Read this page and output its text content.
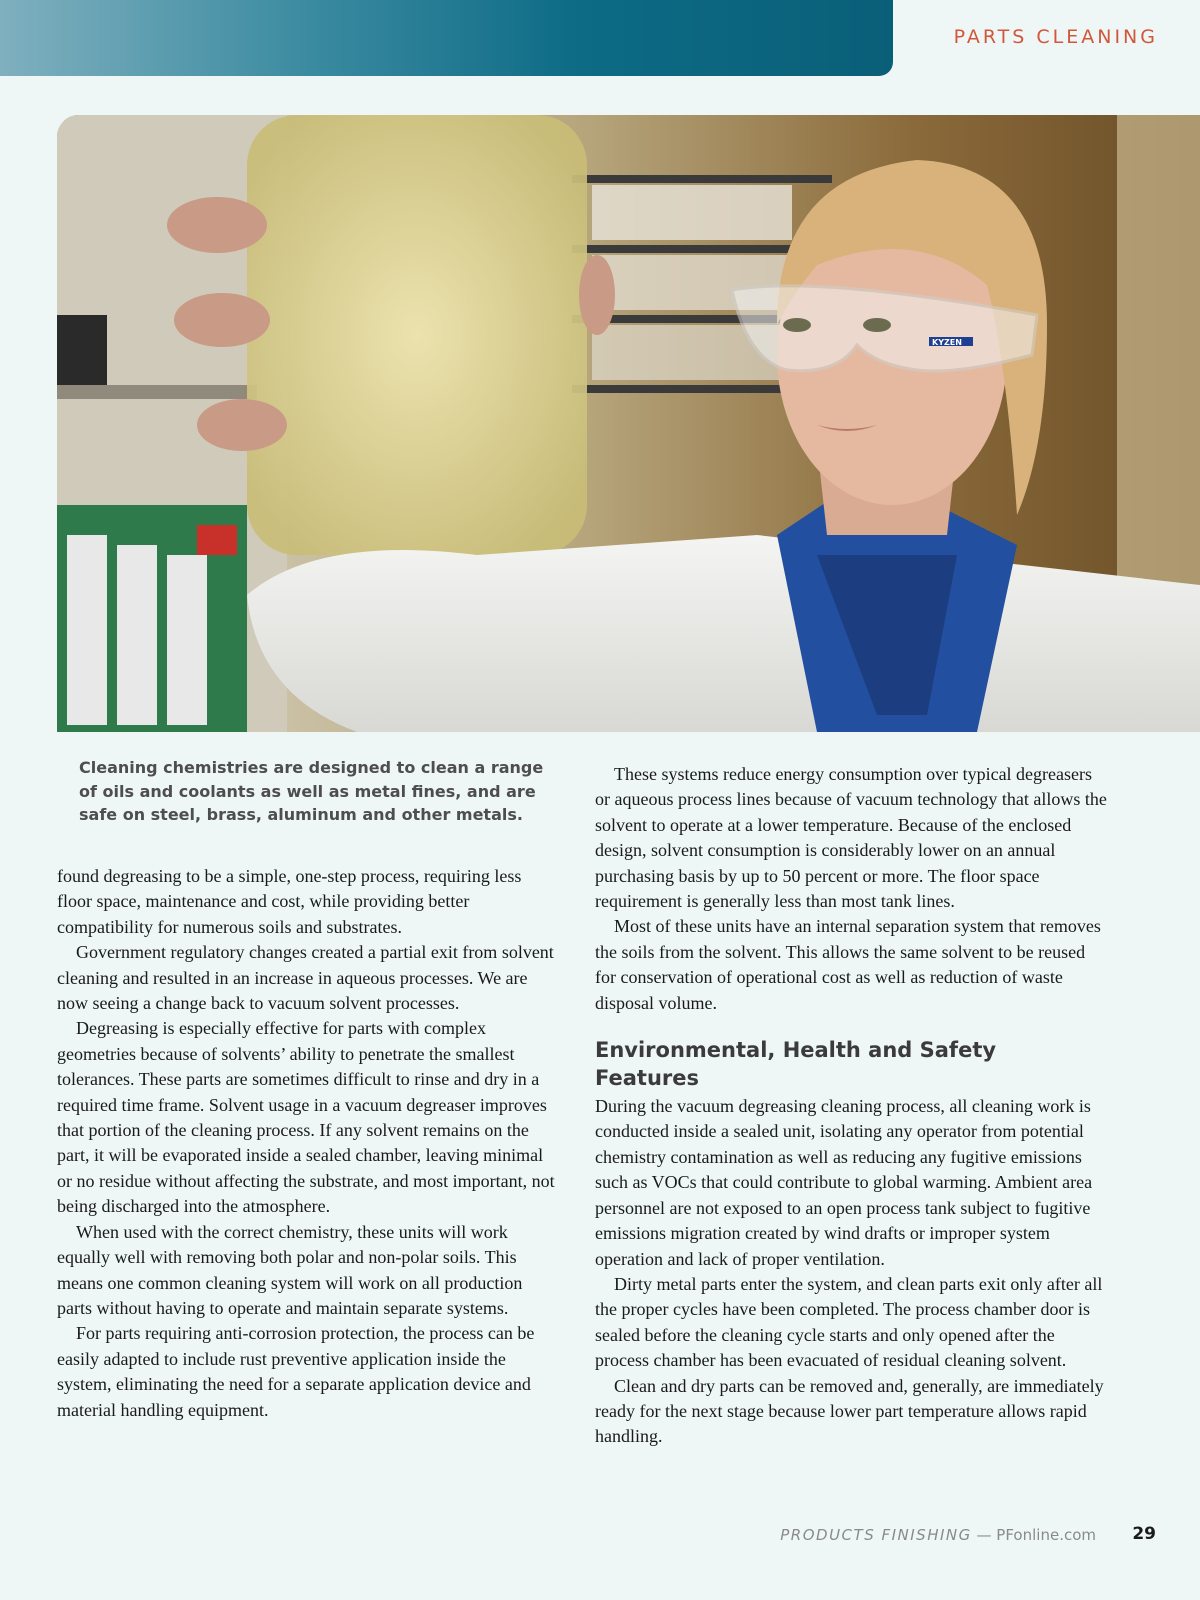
PARTS CLEANING
KYZEN

Cleaning chemistries are designed to clean a range of oils and coolants as well as metal fines, and are safe on steel, brass, aluminum and other metals.

found degreasing to be a simple, one-step process, requiring less floor space, maintenance and cost, while providing better compatibility for numerous soils and substrates.

Government regulatory changes created a partial exit from solvent cleaning and resulted in an increase in aqueous processes. We are now seeing a change back to vacuum solvent processes.

Degreasing is especially effective for parts with complex geometries because of solvents’ ability to penetrate the smallest tolerances. These parts are sometimes difficult to rinse and dry in a required time frame. Solvent usage in a vacuum degreaser improves that portion of the cleaning process. If any solvent remains on the part, it will be evaporated inside a sealed chamber, leaving minimal or no residue without affecting the substrate, and most important, not being discharged into the atmosphere.

When used with the correct chemistry, these units will work equally well with removing both polar and non-polar soils. This means one common cleaning system will work on all production parts without having to operate and maintain separate systems.

For parts requiring anti-corrosion protection, the process can be easily adapted to include rust preventive application inside the system, eliminating the need for a separate application device and material handling equipment.

These systems reduce energy consumption over typical degreasers or aqueous process lines because of vacuum technology that allows the solvent to operate at a lower temperature. Because of the enclosed design, solvent consumption is considerably lower on an annual purchasing basis by up to 50 percent or more. The floor space requirement is generally less than most tank lines.

Most of these units have an internal separation system that removes the soils from the solvent. This allows the same solvent to be reused for conservation of operational cost as well as reduction of waste disposal volume.

Environmental, Health and Safety Features

During the vacuum degreasing cleaning process, all cleaning work is conducted inside a sealed unit, isolating any operator from potential chemistry contamination as well as reducing any fugitive emissions such as VOCs that could contribute to global warming. Ambient area personnel are not exposed to an open process tank subject to fugitive emissions migration created by wind drafts or improper system operation and lack of proper ventilation.

Dirty metal parts enter the system, and clean parts exit only after all the proper cycles have been completed. The process chamber door is sealed before the cleaning cycle starts and only opened after the process chamber has been evacuated of residual cleaning solvent.

Clean and dry parts can be removed and, generally, are immediately ready for the next stage because lower part temperature allows rapid handling.

PRODUCTS FINISHING — PFonline.com 29
